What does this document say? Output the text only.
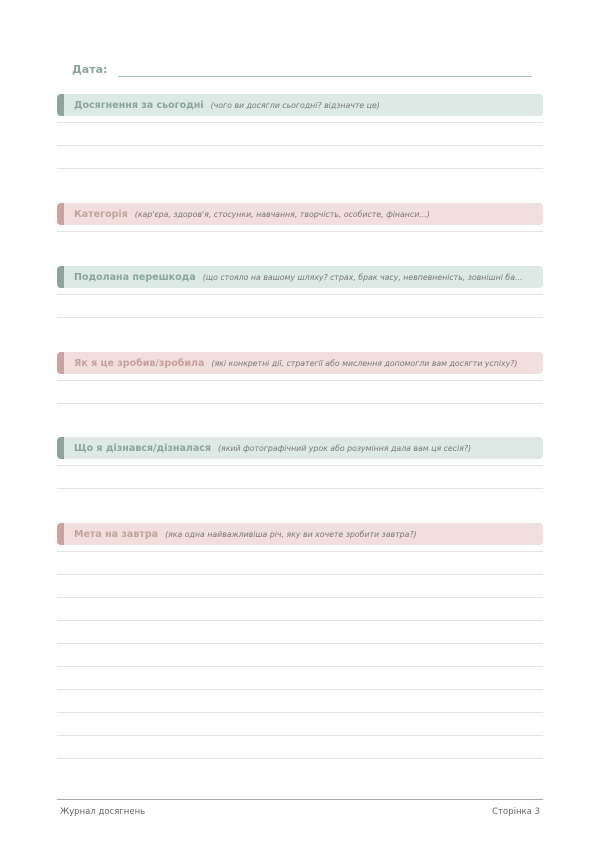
Дата:
Досягнення за сьогодні (чого ви досягли сьогодні? відзначте це)
Категорія (кар'єра, здоров'я, стосунки, навчання, творчість, особисте, фінанси...)
Подолана перешкода (що стояло на вашому шляху? страх, брак часу, невпевненість, зовнішні ба...
Як я це зробив/зробила (які конкретні дії, стратегії або мислення допомогли вам досягти успіху?)
Що я дізнався/дізналася (який фотографічний урок або розуміння дала вам ця сесія?)
Мета на завтра (яка одна найважливіша річ, яку ви хочете зробити завтра?)
Журнал досягнень	Сторінка 3
